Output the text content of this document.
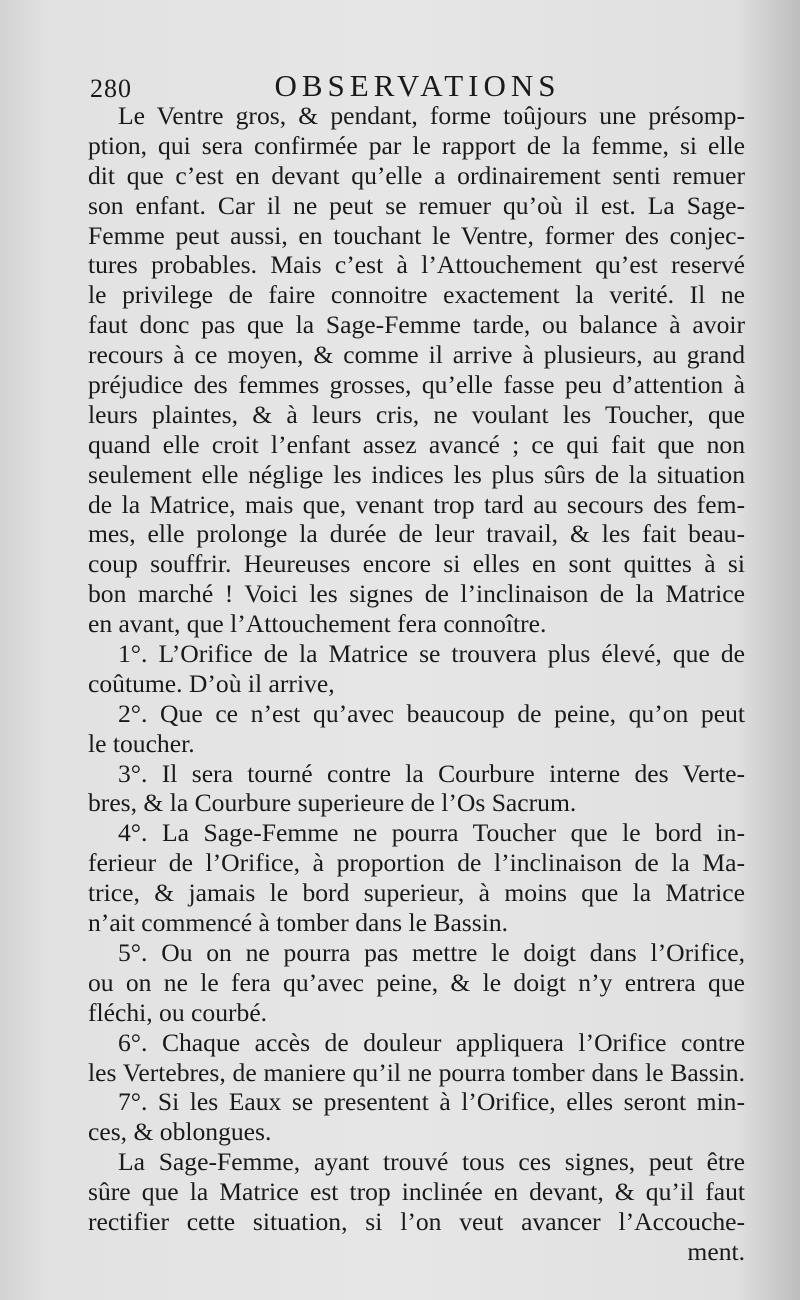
280	OBSERVATIONS
Le Ventre gros, & pendant, forme toûjours une présomp-
ption, qui sera confirmée par le rapport de la femme, si elle
dit que c’est en devant qu’elle a ordinairement senti remuer
son enfant. Car il ne peut se remuer qu’où il est. La Sage-
Femme peut aussi, en touchant le Ventre, former des conjec-
tures probables. Mais c’est à l’Attouchement qu’est reservé
le privilege de faire connoitre exactement la verité. Il ne
faut donc pas que la Sage-Femme tarde, ou balance à avoir
recours à ce moyen, & comme il arrive à plusieurs, au grand
préjudice des femmes grosses, qu’elle fasse peu d’attention à
leurs plaintes, & à leurs cris, ne voulant les Toucher, que
quand elle croit l’enfant assez avancé ; ce qui fait que non
seulement elle néglige les indices les plus sûrs de la situation
de la Matrice, mais que, venant trop tard au secours des fem-
mes, elle prolonge la durée de leur travail, & les fait beau-
coup souffrir. Heureuses encore si elles en sont quittes à si
bon marché ! Voici les signes de l’inclinaison de la Matrice
en avant, que l’Attouchement fera connoître.
1°. L’Orifice de la Matrice se trouvera plus élevé, que de
coûtume. D’où il arrive,
2°. Que ce n’est qu’avec beaucoup de peine, qu’on peut
le toucher.
3°. Il sera tourné contre la Courbure interne des Verte-
bres, & la Courbure superieure de l’Os Sacrum.
4°. La Sage-Femme ne pourra Toucher que le bord in-
ferieur de l’Orifice, à proportion de l’inclinaison de la Ma-
trice, & jamais le bord superieur, à moins que la Matrice
n’ait commencé à tomber dans le Bassin.
5°. Ou on ne pourra pas mettre le doigt dans l’Orifice,
ou on ne le fera qu’avec peine, & le doigt n’y entrera que
fléchi, ou courbé.
6°. Chaque accès de douleur appliquera l’Orifice contre
les Vertebres, de maniere qu’il ne pourra tomber dans le Bassin.
7°. Si les Eaux se presentent à l’Orifice, elles seront min-
ces, & oblongues.
La Sage-Femme, ayant trouvé tous ces signes, peut être
sûre que la Matrice est trop inclinée en devant, & qu’il faut
rectifier cette situation, si l’on veut avancer l’Accouche-
ment.
